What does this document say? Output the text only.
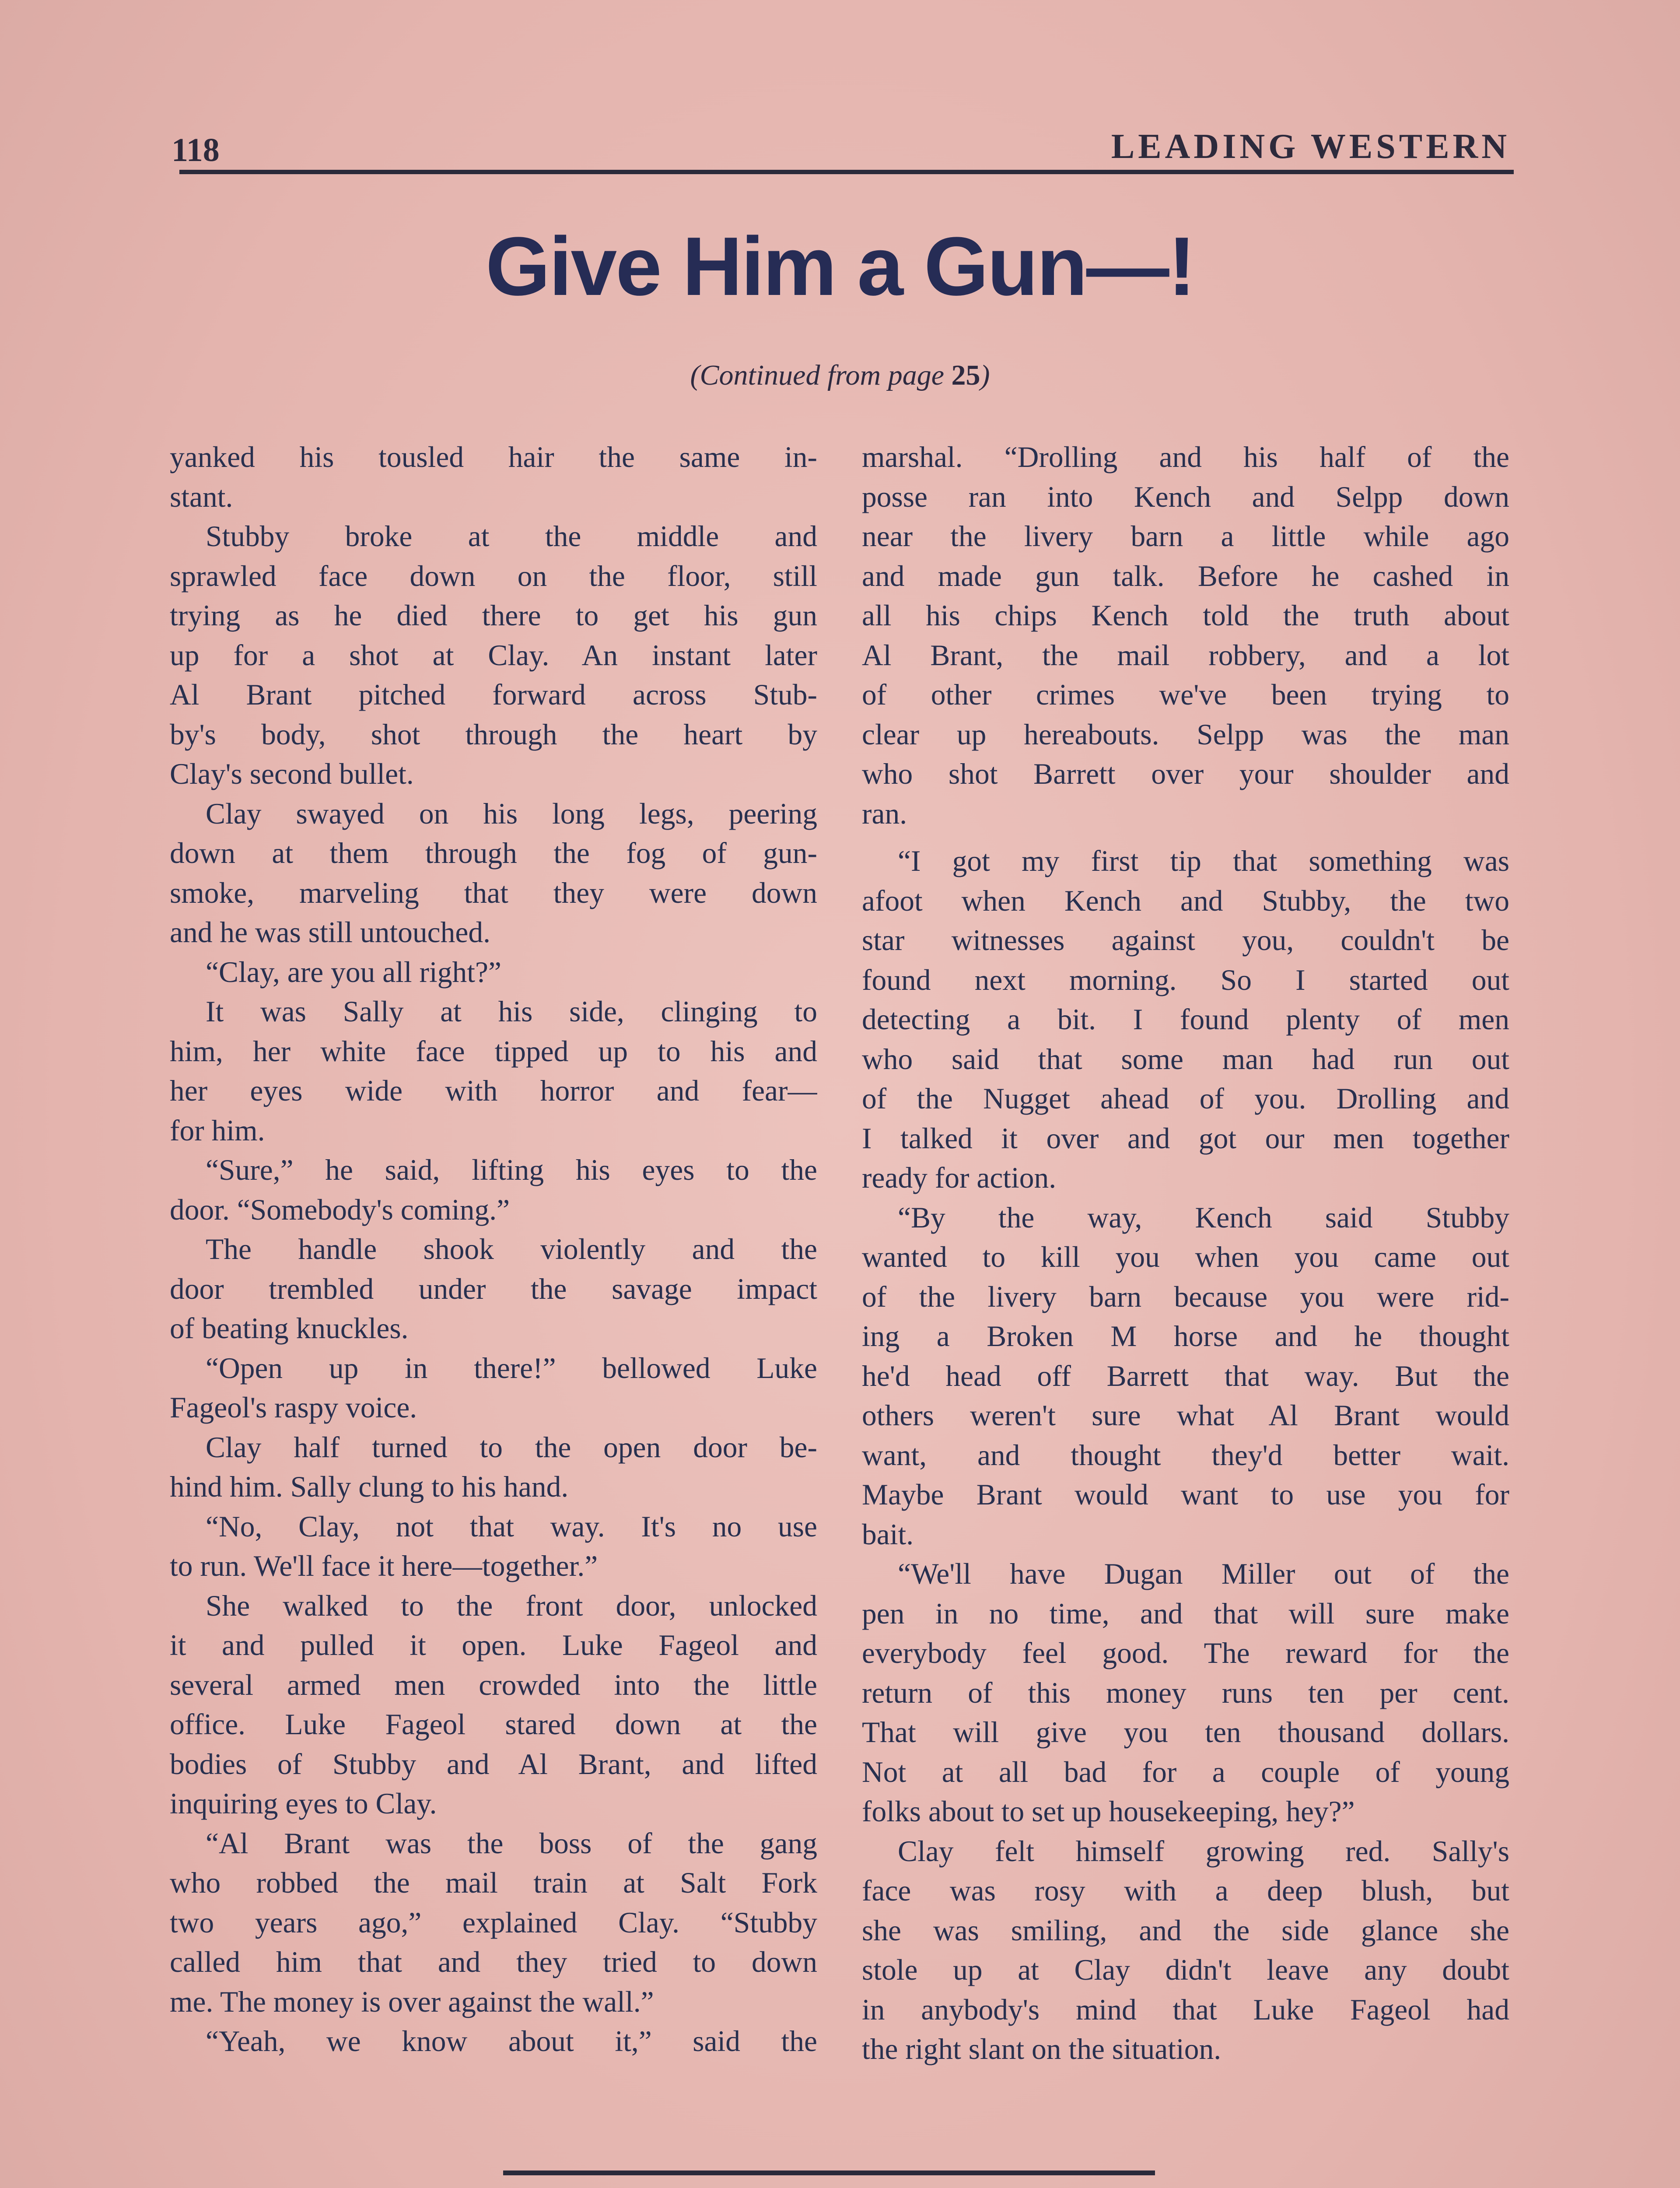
118	LEADING WESTERN
Give Him a Gun—!
(Continued from page 25)
yanked his tousled hair the same in-
stant.
Stubby broke at the middle and
sprawled face down on the floor, still
trying as he died there to get his gun
up for a shot at Clay. An instant later
Al Brant pitched forward across Stub-
by's body, shot through the heart by
Clay's second bullet.
Clay swayed on his long legs, peering
down at them through the fog of gun-
smoke, marveling that they were down
and he was still untouched.
“Clay, are you all right?”
It was Sally at his side, clinging to
him, her white face tipped up to his and
her eyes wide with horror and fear—
for him.
“Sure,” he said, lifting his eyes to the
door. “Somebody's coming.”
The handle shook violently and the
door trembled under the savage impact
of beating knuckles.
“Open up in there!” bellowed Luke
Fageol's raspy voice.
Clay half turned to the open door be-
hind him. Sally clung to his hand.
“No, Clay, not that way. It's no use
to run. We'll face it here—together.”
She walked to the front door, unlocked
it and pulled it open. Luke Fageol and
several armed men crowded into the little
office. Luke Fageol stared down at the
bodies of Stubby and Al Brant, and lifted
inquiring eyes to Clay.
“Al Brant was the boss of the gang
who robbed the mail train at Salt Fork
two years ago,” explained Clay. “Stubby
called him that and they tried to down
me. The money is over against the wall.”
“Yeah, we know about it,” said the
marshal. “Drolling and his half of the
posse ran into Kench and Selpp down
near the livery barn a little while ago
and made gun talk. Before he cashed in
all his chips Kench told the truth about
Al Brant, the mail robbery, and a lot
of other crimes we've been trying to
clear up hereabouts. Selpp was the man
who shot Barrett over your shoulder and
ran.
“I got my first tip that something was
afoot when Kench and Stubby, the two
star witnesses against you, couldn't be
found next morning. So I started out
detecting a bit. I found plenty of men
who said that some man had run out
of the Nugget ahead of you. Drolling and
I talked it over and got our men together
ready for action.
“By the way, Kench said Stubby
wanted to kill you when you came out
of the livery barn because you were rid-
ing a Broken M horse and he thought
he'd head off Barrett that way. But the
others weren't sure what Al Brant would
want, and thought they'd better wait.
Maybe Brant would want to use you for
bait.
“We'll have Dugan Miller out of the
pen in no time, and that will sure make
everybody feel good. The reward for the
return of this money runs ten per cent.
That will give you ten thousand dollars.
Not at all bad for a couple of young
folks about to set up housekeeping, hey?”
Clay felt himself growing red. Sally's
face was rosy with a deep blush, but
she was smiling, and the side glance she
stole up at Clay didn't leave any doubt
in anybody's mind that Luke Fageol had
the right slant on the situation.
